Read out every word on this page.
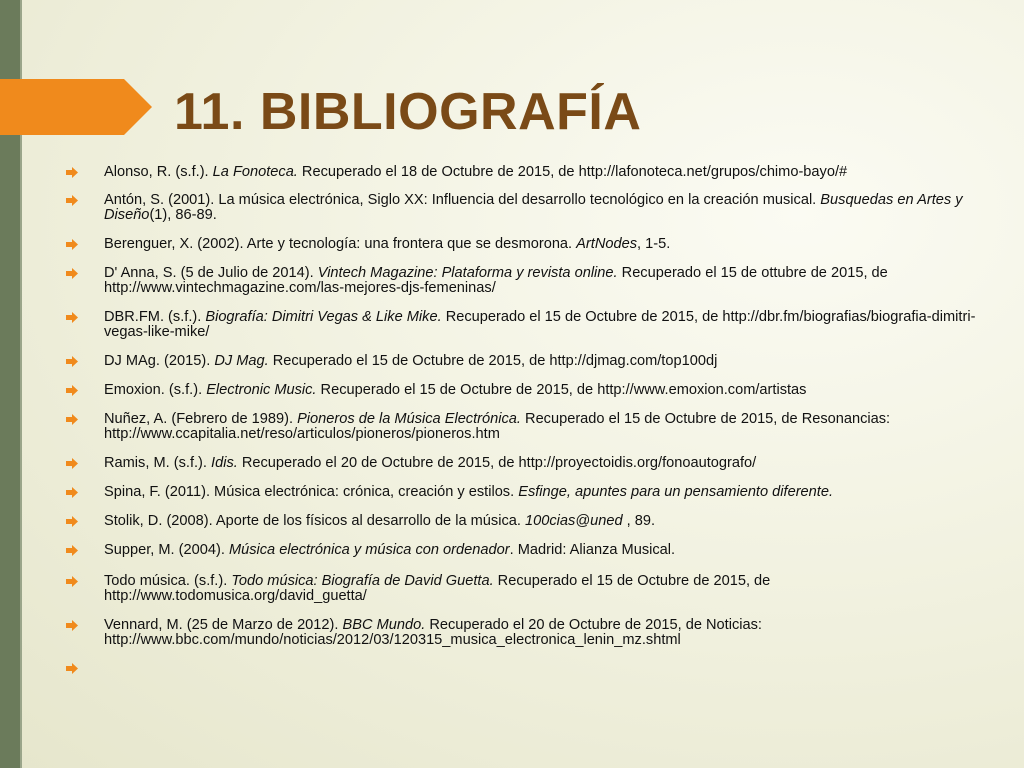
11. BIBLIOGRAFÍA
Alonso, R. (s.f.). La Fonoteca. Recuperado el 18 de Octubre de 2015, de http://lafonoteca.net/grupos/chimo-bayo/#
Antón, S. (2001). La música electrónica, Siglo XX: Influencia del desarrollo tecnológico en la creación musical. Busquedas en Artes y Diseño(1), 86-89.
Berenguer, X. (2002). Arte y tecnología: una frontera que se desmorona. ArtNodes, 1-5.
D' Anna, S. (5 de Julio de 2014). Vintech Magazine: Plataforma y revista online. Recuperado el 15 de ottubre de 2015, de http://www.vintechmagazine.com/las-mejores-djs-femeninas/
DBR.FM. (s.f.). Biografía: Dimitri Vegas & Like Mike. Recuperado el 15 de Octubre de 2015, de http://dbr.fm/biografias/biografia-dimitri-vegas-like-mike/
DJ MAg. (2015). DJ Mag. Recuperado el 15 de Octubre de 2015, de http://djmag.com/top100dj
Emoxion. (s.f.). Electronic Music. Recuperado el 15 de Octubre de 2015, de http://www.emoxion.com/artistas
Nuñez, A. (Febrero de 1989). Pioneros de la Música Electrónica. Recuperado el 15 de Octubre de 2015, de Resonancias: http://www.ccapitalia.net/reso/articulos/pioneros/pioneros.htm
Ramis, M. (s.f.). Idis. Recuperado el 20 de Octubre de 2015, de http://proyectoidis.org/fonoautografo/
Spina, F. (2011). Música electrónica: crónica, creación y estilos. Esfinge, apuntes para un pensamiento diferente.
Stolik, D. (2008). Aporte de los físicos al desarrollo de la música. 100cias@uned , 89.
Supper, M. (2004). Música electrónica y música con ordenador. Madrid: Alianza Musical.
Todo música. (s.f.). Todo música: Biografía de David Guetta. Recuperado el 15 de Octubre de 2015, de http://www.todomusica.org/david_guetta/
Vennard, M. (25 de Marzo de 2012). BBC Mundo. Recuperado el 20 de Octubre de 2015, de Noticias: http://www.bbc.com/mundo/noticias/2012/03/120315_musica_electronica_lenin_mz.shtml
